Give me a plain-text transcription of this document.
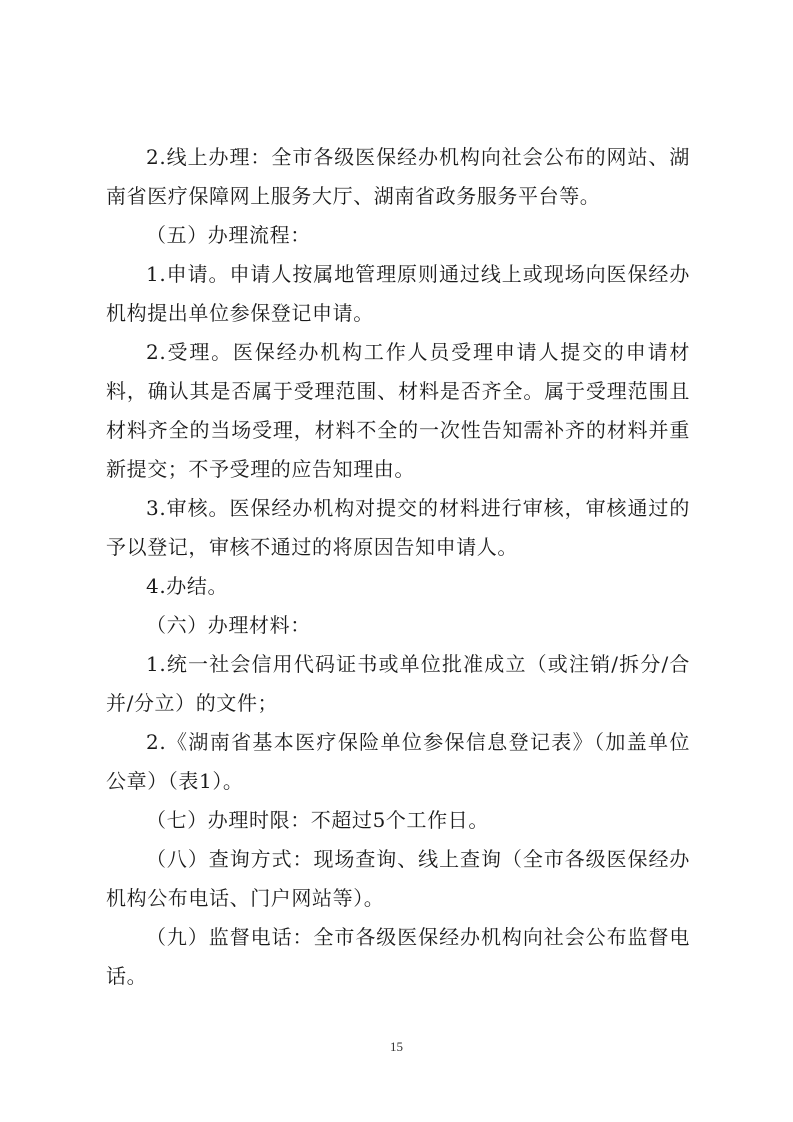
2.线上办理：全市各级医保经办机构向社会公布的网站、湖南省医疗保障网上服务大厅、湖南省政务服务平台等。

（五）办理流程：

1.申请。申请人按属地管理原则通过线上或现场向医保经办机构提出单位参保登记申请。

2.受理。医保经办机构工作人员受理申请人提交的申请材料，确认其是否属于受理范围、材料是否齐全。属于受理范围且材料齐全的当场受理，材料不全的一次性告知需补齐的材料并重新提交；不予受理的应告知理由。

3.审核。医保经办机构对提交的材料进行审核，审核通过的予以登记，审核不通过的将原因告知申请人。

4.办结。

（六）办理材料：

1.统一社会信用代码证书或单位批准成立（或注销/拆分/合并/分立）的文件；

2.《湖南省基本医疗保险单位参保信息登记表》（加盖单位公章）（表1）。

（七）办理时限：不超过5个工作日。

（八）查询方式：现场查询、线上查询（全市各级医保经办机构公布电话、门户网站等）。

（九）监督电话：全市各级医保经办机构向社会公布监督电话。

15
